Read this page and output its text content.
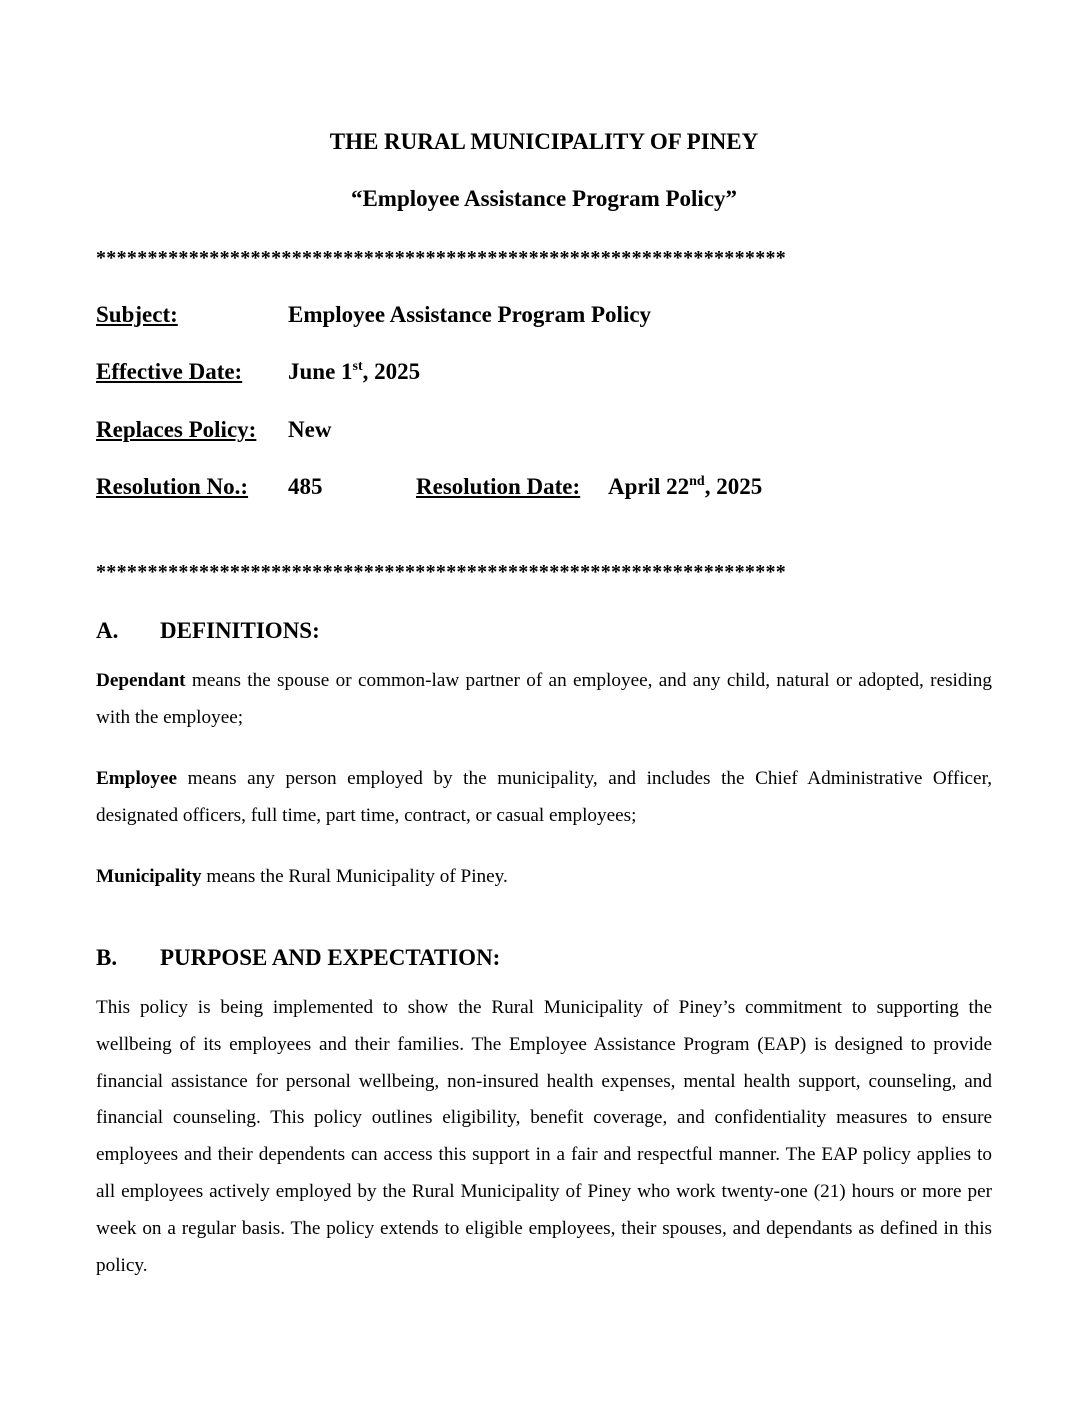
THE RURAL MUNICIPALITY OF PINEY
“Employee Assistance Program Policy”
*******************************************************************
Subject:	Employee Assistance Program Policy
Effective Date: June 1st, 2025
Replaces Policy: New
Resolution No.: 485	Resolution Date: April 22nd, 2025
*******************************************************************
A. DEFINITIONS:
Dependant means the spouse or common-law partner of an employee, and any child, natural or adopted, residing with the employee;
Employee means any person employed by the municipality, and includes the Chief Administrative Officer, designated officers, full time, part time, contract, or casual employees;
Municipality means the Rural Municipality of Piney.
B. PURPOSE AND EXPECTATION:
This policy is being implemented to show the Rural Municipality of Piney’s commitment to supporting the wellbeing of its employees and their families. The Employee Assistance Program (EAP) is designed to provide financial assistance for personal wellbeing, non-insured health expenses, mental health support, counseling, and financial counseling. This policy outlines eligibility, benefit coverage, and confidentiality measures to ensure employees and their dependents can access this support in a fair and respectful manner. The EAP policy applies to all employees actively employed by the Rural Municipality of Piney who work twenty-one (21) hours or more per week on a regular basis. The policy extends to eligible employees, their spouses, and dependants as defined in this policy.
